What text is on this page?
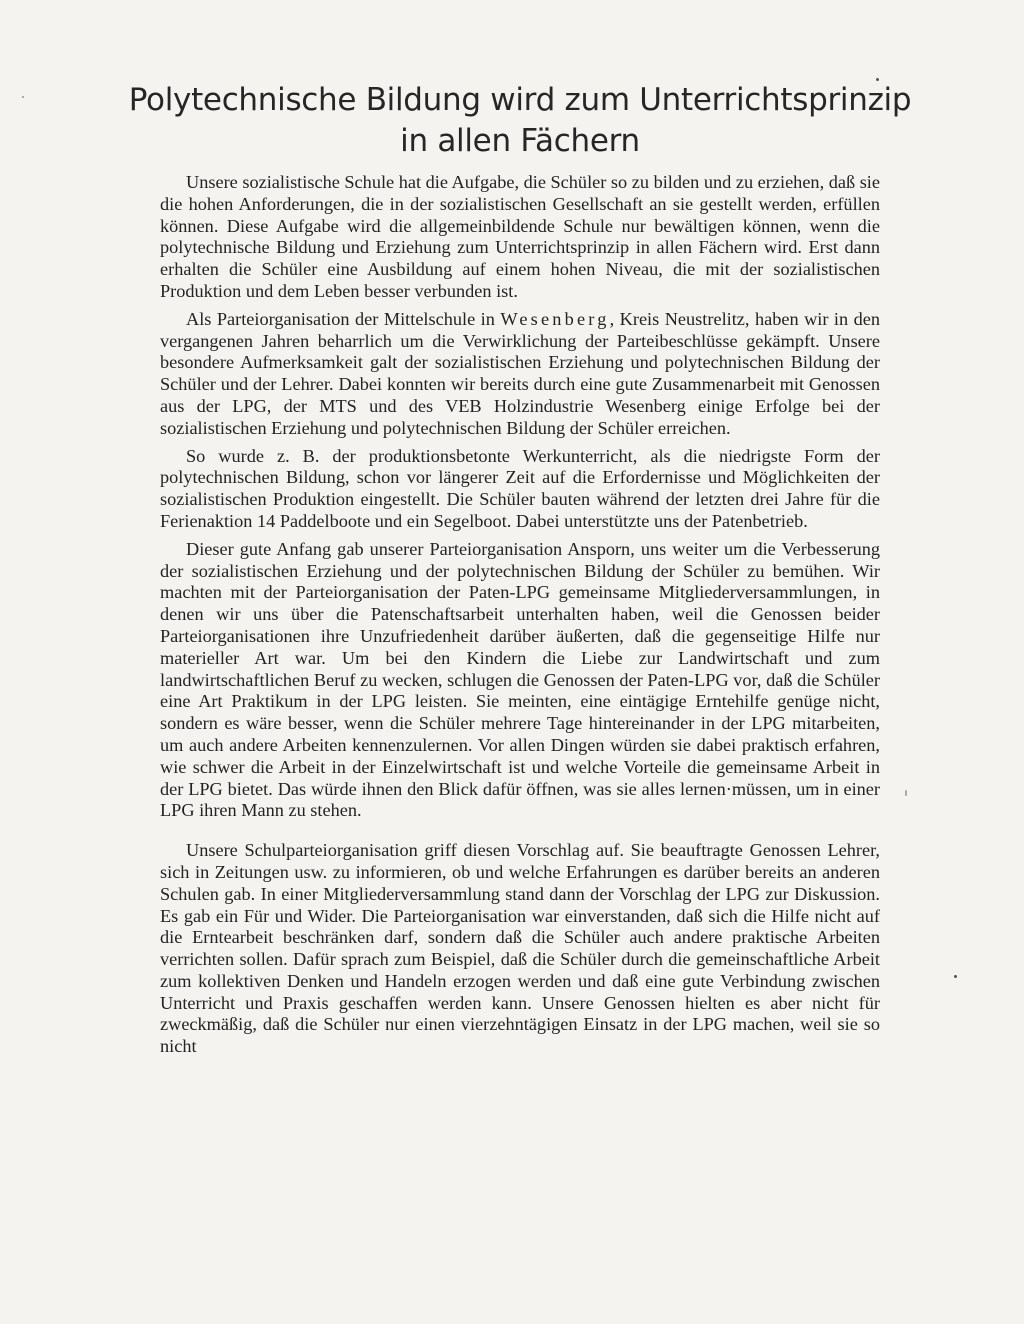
Polytechnische Bildung wird zum Unterrichtsprinzip
in allen Fächern

Unsere sozialistische Schule hat die Aufgabe, die Schüler so zu bilden und zu erziehen, daß sie die hohen Anforderungen, die in der sozialistischen Gesellschaft an sie gestellt werden, erfüllen können. Diese Aufgabe wird die allgemeinbildende Schule nur bewältigen können, wenn die polytechnische Bildung und Erziehung zum Unterrichtsprinzip in allen Fächern wird. Erst dann erhalten die Schüler eine Ausbildung auf einem hohen Niveau, die mit der sozialistischen Produktion und dem Leben besser verbunden ist.

Als Parteiorganisation der Mittelschule in Wesenberg, Kreis Neustrelitz, haben wir in den vergangenen Jahren beharrlich um die Verwirklichung der Parteibeschlüsse gekämpft. Unsere besondere Aufmerksamkeit galt der sozialistischen Erziehung und polytechnischen Bildung der Schüler und der Lehrer. Dabei konnten wir bereits durch eine gute Zusammenarbeit mit Genossen aus der LPG, der MTS und des VEB Holzindustrie Wesenberg einige Erfolge bei der sozialistischen Erziehung und polytechnischen Bildung der Schüler erreichen.

So wurde z. B. der produktionsbetonte Werkunterricht, als die niedrigste Form der polytechnischen Bildung, schon vor längerer Zeit auf die Erfordernisse und Möglichkeiten der sozialistischen Produktion eingestellt. Die Schüler bauten während der letzten drei Jahre für die Ferienaktion 14 Paddelboote und ein Segelboot. Dabei unterstützte uns der Patenbetrieb.

Dieser gute Anfang gab unserer Parteiorganisation Ansporn, uns weiter um die Verbesserung der sozialistischen Erziehung und der polytechnischen Bildung der Schüler zu bemühen. Wir machten mit der Parteiorganisation der Paten-LPG gemeinsame Mitgliederversammlungen, in denen wir uns über die Patenschaftsarbeit unterhalten haben, weil die Genossen beider Parteiorganisationen ihre Unzufriedenheit darüber äußerten, daß die gegenseitige Hilfe nur materieller Art war. Um bei den Kindern die Liebe zur Landwirtschaft und zum landwirtschaftlichen Beruf zu wecken, schlugen die Genossen der Paten-LPG vor, daß die Schüler eine Art Praktikum in der LPG leisten. Sie meinten, eine eintägige Erntehilfe genüge nicht, sondern es wäre besser, wenn die Schüler mehrere Tage hintereinander in der LPG mitarbeiten, um auch andere Arbeiten kennenzulernen. Vor allen Dingen würden sie dabei praktisch erfahren, wie schwer die Arbeit in der Einzelwirtschaft ist und welche Vorteile die gemeinsame Arbeit in der LPG bietet. Das würde ihnen den Blick dafür öffnen, was sie alles lernen·müssen, um in einer LPG ihren Mann zu stehen.

Unsere Schulparteiorganisation griff diesen Vorschlag auf. Sie beauftragte Genossen Lehrer, sich in Zeitungen usw. zu informieren, ob und welche Erfahrungen es darüber bereits an anderen Schulen gab. In einer Mitgliederversammlung stand dann der Vorschlag der LPG zur Diskussion. Es gab ein Für und Wider. Die Parteiorganisation war einverstanden, daß sich die Hilfe nicht auf die Erntearbeit beschränken darf, sondern daß die Schüler auch andere praktische Arbeiten verrichten sollen. Dafür sprach zum Beispiel, daß die Schüler durch die gemeinschaftliche Arbeit zum kollektiven Denken und Handeln erzogen werden und daß eine gute Verbindung zwischen Unterricht und Praxis geschaffen werden kann. Unsere Genossen hielten es aber nicht für zweckmäßig, daß die Schüler nur einen vierzehntägigen Einsatz in der LPG machen, weil sie so nicht
